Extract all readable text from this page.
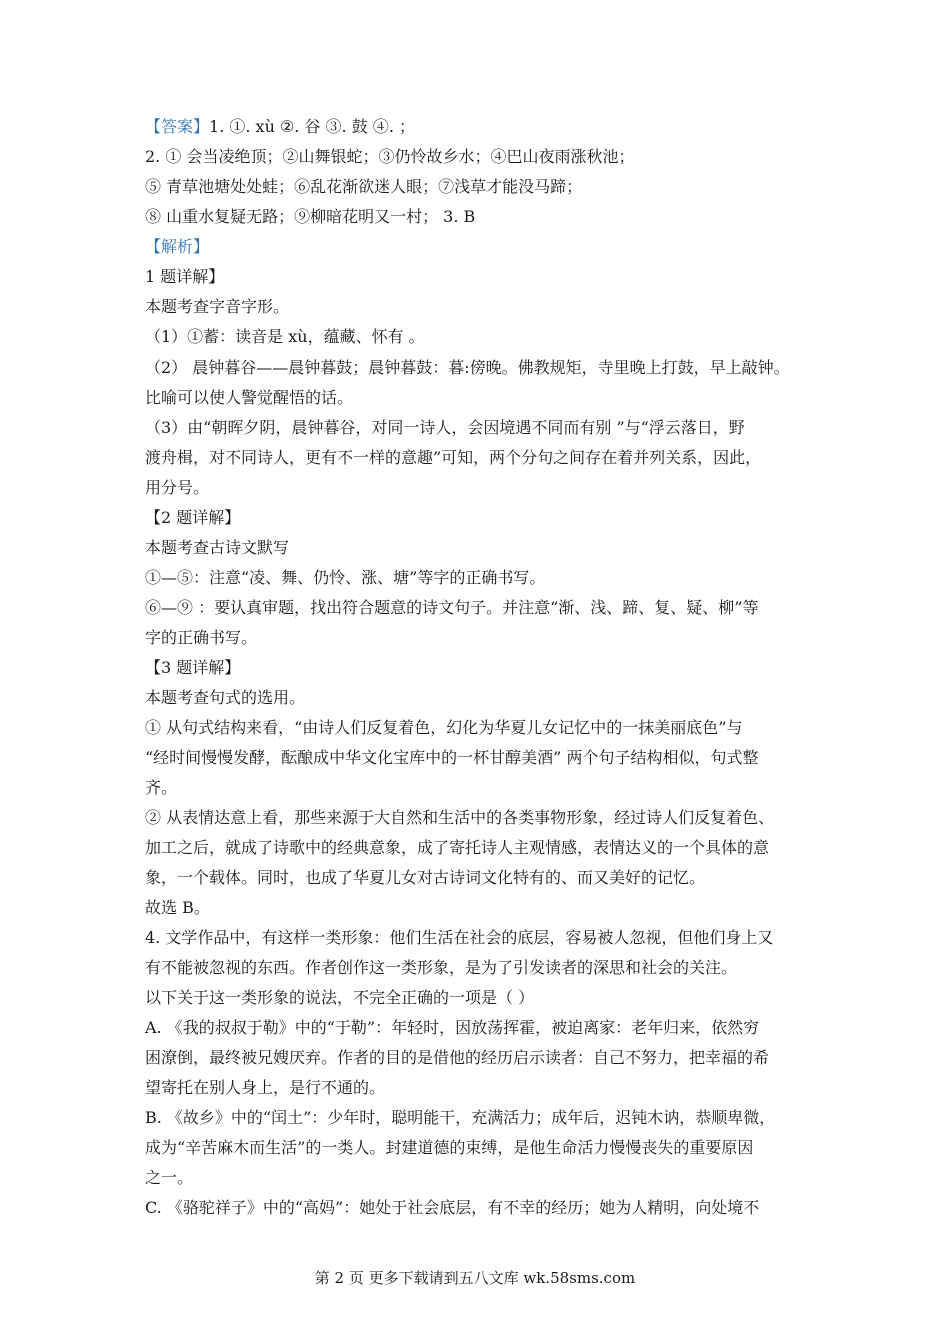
【答案】1. ①. xù ②. 谷 ③. 鼓 ④. ；
2. ① 会当凌绝顶；②山舞银蛇；③仍怜故乡水；④巴山夜雨涨秋池；
⑤ 青草池塘处处蛙；⑥乱花渐欲迷人眼；⑦浅草才能没马蹄；
⑧ 山重水复疑无路；⑨柳暗花明又一村； 3. B
【解析】
1 题详解】
本题考查字音字形。
（1）①蓄：读音是 xù，蕴藏、怀有 。
（2） 晨钟暮谷——晨钟暮鼓；晨钟暮鼓：暮:傍晚。佛教规矩，寺里晚上打鼓，早上敲钟。
比喻可以使人警觉醒悟的话。
（3）由“朝晖夕阴，晨钟暮谷，对同一诗人，会因境遇不同而有别 ”与“浮云落日，野
渡舟楫，对不同诗人，更有不一样的意趣”可知，两个分句之间存在着并列关系，因此，
用分号。
【2 题详解】
本题考查古诗文默写
①—⑤：注意“凌、舞、仍怜、涨、塘”等字的正确书写。
⑥—⑨ ：要认真审题，找出符合题意的诗文句子。并注意“渐、浅、蹄、复、疑、柳”等
字的正确书写。
【3 题详解】
本题考查句式的选用。
① 从句式结构来看，“由诗人们反复着色，幻化为华夏儿女记忆中的一抹美丽底色”与
“经时间慢慢发酵，酝酿成中华文化宝库中的一杯甘醇美酒” 两个句子结构相似，句式整
齐。
② 从表情达意上看，那些来源于大自然和生活中的各类事物形象，经过诗人们反复着色、
加工之后，就成了诗歌中的经典意象，成了寄托诗人主观情感，表情达义的一个具体的意
象，一个载体。同时，也成了华夏儿女对古诗词文化特有的、而又美好的记忆。
故选 B。
4. 文学作品中，有这样一类形象：他们生活在社会的底层，容易被人忽视，但他们身上又
有不能被忽视的东西。作者创作这一类形象，是为了引发读者的深思和社会的关注。
以下关于这一类形象的说法，不完全正确的一项是（ ）
A. 《我的叔叔于勒》中的“于勒”：年轻时，因放荡挥霍，被迫离家：老年归来，依然穷
困潦倒，最终被兄嫂厌弃。作者的目的是借他的经历启示读者：自己不努力，把幸福的希
望寄托在别人身上，是行不通的。
B. 《故乡》中的“闰土”：少年时，聪明能干，充满活力；成年后，迟钝木讷，恭顺卑微，
成为“辛苦麻木而生活”的一类人。封建道德的束缚，是他生命活力慢慢丧失的重要原因
之一。
C. 《骆驼祥子》中的“高妈”：她处于社会底层，有不幸的经历；她为人精明，向处境不
第 2 页 更多下载请到五八文库 wk.58sms.com
